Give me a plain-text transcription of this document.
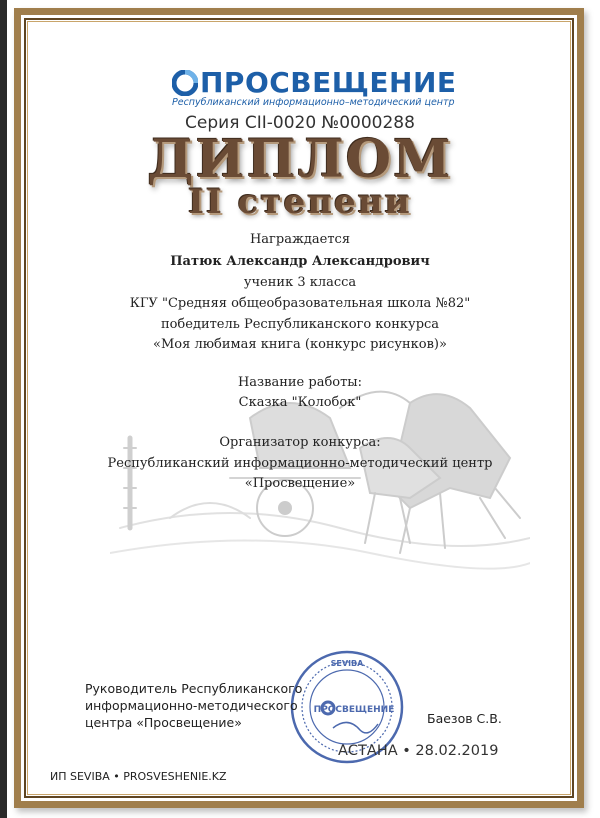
ПРОСВЕЩЕНИЕ
Республиканский информационно–методический центр
Серия СII-0020 №0000288
ДИПЛОМ
II степени
Награждается
Патюк Александр Александрович
ученик 3 класса
КГУ "Средняя общеобразовательная школа №82"
победитель Республиканского конкурса
«Моя любимая книга (конкурс рисунков)»
Название работы:
Сказка "Колобок"
Организатор конкурса:
Республиканский информационно-методический центр
«Просвещение»
SEVIBA
ПРОСВЕЩЕНИЕ
Руководитель Республиканского
информационно-методического
центра «Просвещение»	Баезов С.В.
АСТАНА • 28.02.2019
ИП SEVIBA • PROSVESHENIE.KZ
